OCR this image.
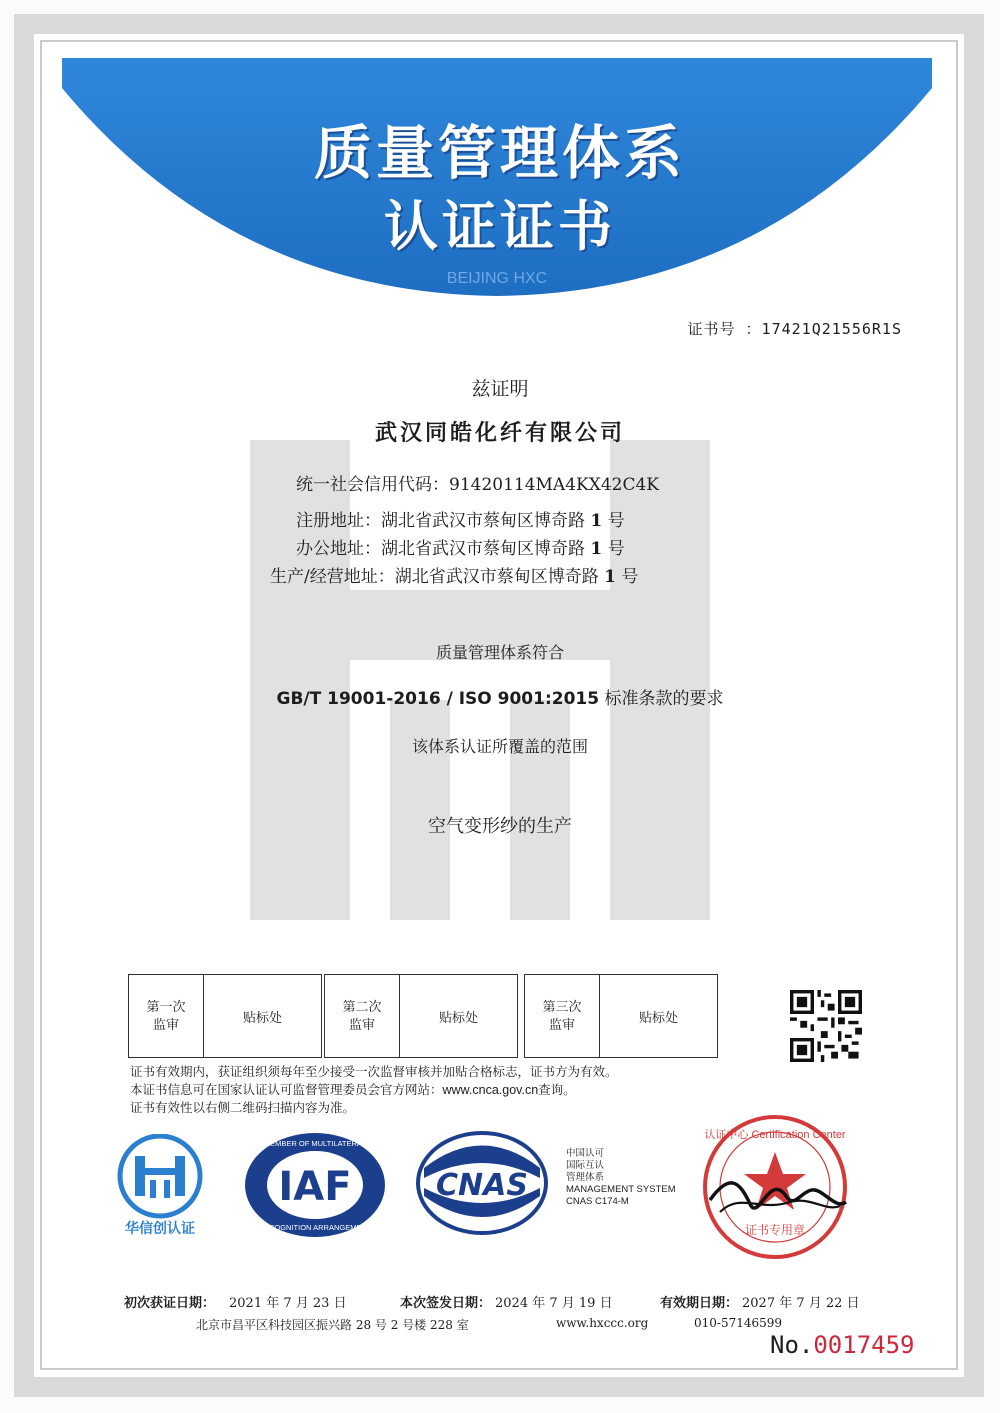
BEIJING HXC
质量管理体系
认证证书
证书号 ：17421Q21556R1S
兹证明
武汉同皓化纤有限公司
统一社会信用代码：91420114MA4KX42C4K
注册地址：湖北省武汉市蔡甸区博奇路 1 号
办公地址：湖北省武汉市蔡甸区博奇路 1 号
生产/经营地址：湖北省武汉市蔡甸区博奇路 1 号
质量管理体系符合
GB/T 19001-2016 / ISO 9001:2015 标准条款的要求
该体系认证所覆盖的范围
空气变形纱的生产
第一次
监审	贴标处
第二次
监审	贴标处
第三次
监审	贴标处
证书有效期内，获证组织须每年至少接受一次监督审核并加贴合格标志，证书方为有效。
本证书信息可在国家认证认可监督管理委员会官方网站：www.cnca.gov.cn查询。
证书有效性以右侧二维码扫描内容为准。
华信创认证
IAF
MEMBER OF MULTILATERAL
RECOGNITION ARRANGEMENT
CNAS
中国认可
国际互认
管理体系
MANAGEMENT SYSTEM
CNAS C174-M
认证中心 Certification Center
证书专用章
初次获证日期： 2021 年 7 月 23 日	本次签发日期： 2024 年 7 月 19 日	有效期日期： 2027 年 7 月 22 日
北京市昌平区科技园区振兴路 28 号 2 号楼 228 室	www.hxccc.org	010-57146599
No.0017459
